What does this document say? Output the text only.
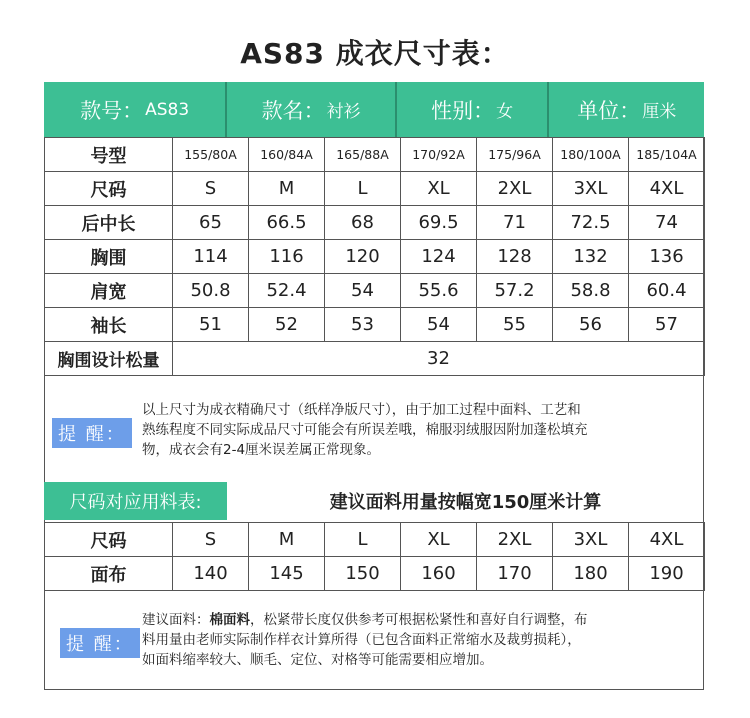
AS83 成衣尺寸表：
款号： AS83	款名： 衬衫	性别： 女	单位： 厘米
号型	155/80A	160/84A	165/88A	170/92A	175/96A	180/100A	185/104A
尺码	S	M	L	XL	2XL	3XL	4XL
后中长	65	66.5	68	69.5	71	72.5	74
胸围	114	116	120	124	128	132	136
肩宽	50.8	52.4	54	55.6	57.2	58.8	60.4
袖长	51	52	53	54	55	56	57
胸围设计松量	32						
提 醒：
以上尺寸为成衣精确尺寸（纸样净版尺寸），由于加工过程中面料、工艺和
熟练程度不同实际成品尺寸可能会有所误差哦，棉服羽绒服因附加蓬松填充
物，成衣会有2-4厘米误差属正常现象。
尺码对应用料表:	建议面料用量按幅宽150厘米计算
尺码	S	M	L	XL	2XL	3XL	4XL
面布	140	145	150	160	170	180	190
提 醒：
建议面料：棉面料，松紧带长度仅供参考可根据松紧性和喜好自行调整，布
料用量由老师实际制作样衣计算所得（已包含面料正常缩水及裁剪损耗），
如面料缩率较大、顺毛、定位、对格等可能需要相应增加。
